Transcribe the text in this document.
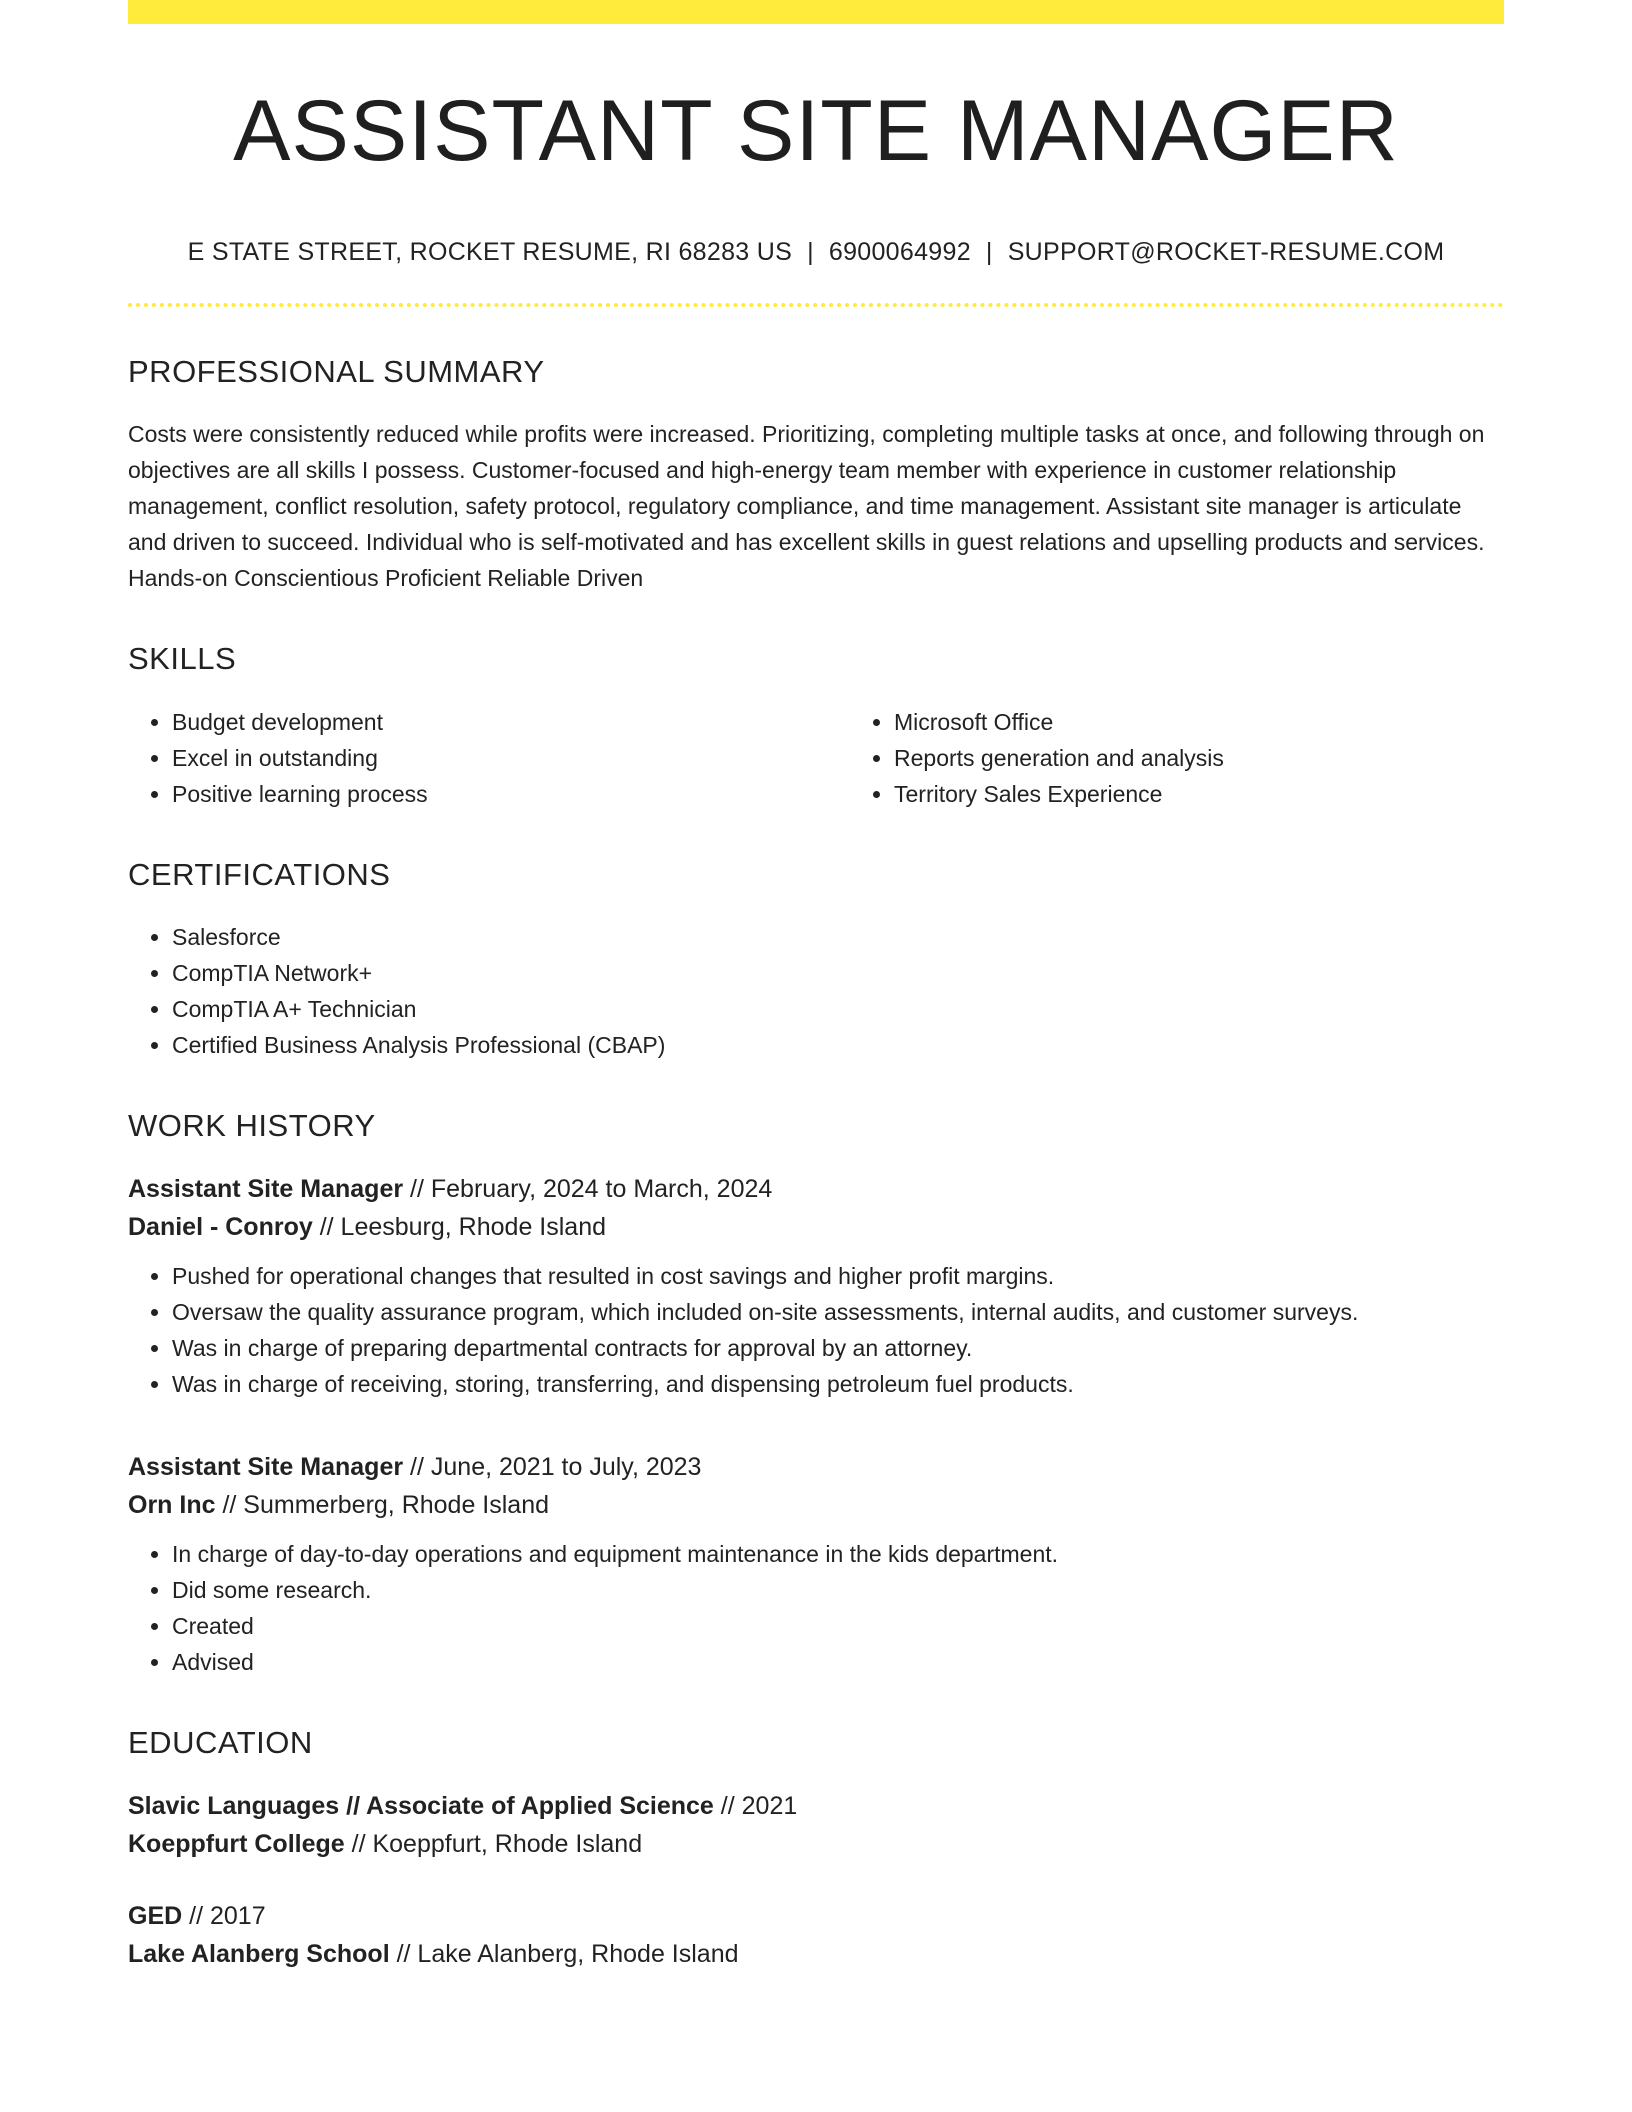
ASSISTANT SITE MANAGER
E STATE STREET, ROCKET RESUME, RI 68283 US | 6900064992 | SUPPORT@ROCKET-RESUME.COM
PROFESSIONAL SUMMARY
Costs were consistently reduced while profits were increased. Prioritizing, completing multiple tasks at once, and following through on objectives are all skills I possess. Customer-focused and high-energy team member with experience in customer relationship management, conflict resolution, safety protocol, regulatory compliance, and time management. Assistant site manager is articulate and driven to succeed. Individual who is self-motivated and has excellent skills in guest relations and upselling products and services. Hands-on Conscientious Proficient Reliable Driven
SKILLS
• Budget development
• Excel in outstanding
• Positive learning process
• Microsoft Office
• Reports generation and analysis
• Territory Sales Experience
CERTIFICATIONS
• Salesforce
• CompTIA Network+
• CompTIA A+ Technician
• Certified Business Analysis Professional (CBAP)
WORK HISTORY
Assistant Site Manager // February, 2024 to March, 2024
Daniel - Conroy // Leesburg, Rhode Island
• Pushed for operational changes that resulted in cost savings and higher profit margins.
• Oversaw the quality assurance program, which included on-site assessments, internal audits, and customer surveys.
• Was in charge of preparing departmental contracts for approval by an attorney.
• Was in charge of receiving, storing, transferring, and dispensing petroleum fuel products.
Assistant Site Manager // June, 2021 to July, 2023
Orn Inc // Summerberg, Rhode Island
• In charge of day-to-day operations and equipment maintenance in the kids department.
• Did some research.
• Created
• Advised
EDUCATION
Slavic Languages // Associate of Applied Science // 2021
Koeppfurt College // Koeppfurt, Rhode Island
GED // 2017
Lake Alanberg School // Lake Alanberg, Rhode Island
